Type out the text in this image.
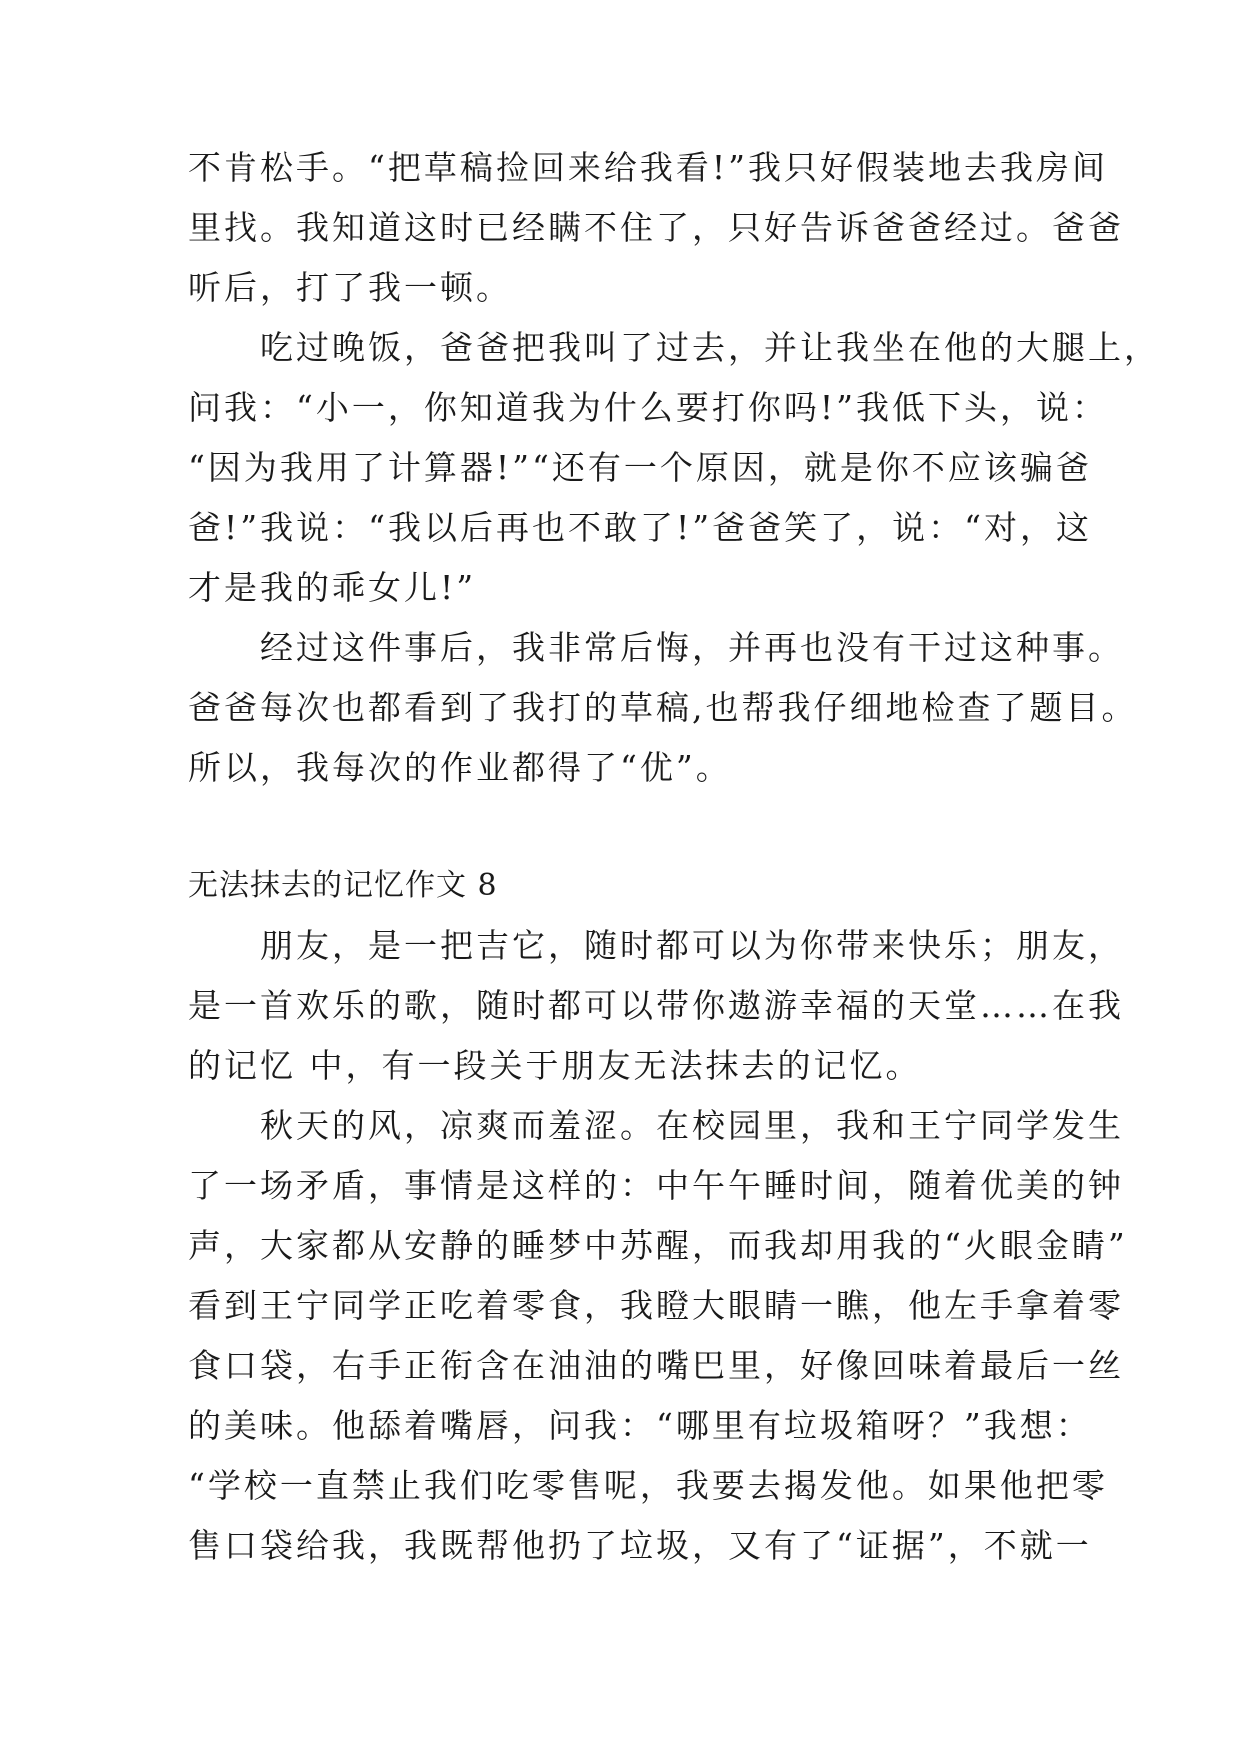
不肯松手。“把草稿捡回来给我看!”我只好假装地去我房间
里找。我知道这时已经瞒不住了，只好告诉爸爸经过。爸爸
听后，打了我一顿。
　　吃过晚饭，爸爸把我叫了过去，并让我坐在他的大腿上，
问我：“小一，你知道我为什么要打你吗!”我低下头，说：
“因为我用了计算器!”“还有一个原因，就是你不应该骗爸
爸!”我说：“我以后再也不敢了!”爸爸笑了，说：“对，这
才是我的乖女儿!”
　　经过这件事后，我非常后悔，并再也没有干过这种事。
爸爸每次也都看到了我打的草稿,也帮我仔细地检查了题目。
所以，我每次的作业都得了“优”。
无法抹去的记忆作文 8
　　朋友，是一把吉它，随时都可以为你带来快乐；朋友，
是一首欢乐的歌，随时都可以带你遨游幸福的天堂……在我
的记忆 中，有一段关于朋友无法抹去的记忆。
　　秋天的风，凉爽而羞涩。在校园里，我和王宁同学发生
了一场矛盾，事情是这样的：中午午睡时间，随着优美的钟
声，大家都从安静的睡梦中苏醒，而我却用我的“火眼金睛”
看到王宁同学正吃着零食，我瞪大眼睛一瞧，他左手拿着零
食口袋，右手正衔含在油油的嘴巴里，好像回味着最后一丝
的美味。他舔着嘴唇，问我：“哪里有垃圾箱呀？”我想：
“学校一直禁止我们吃零售呢，我要去揭发他。如果他把零
售口袋给我，我既帮他扔了垃圾，又有了“证据”，不就一
